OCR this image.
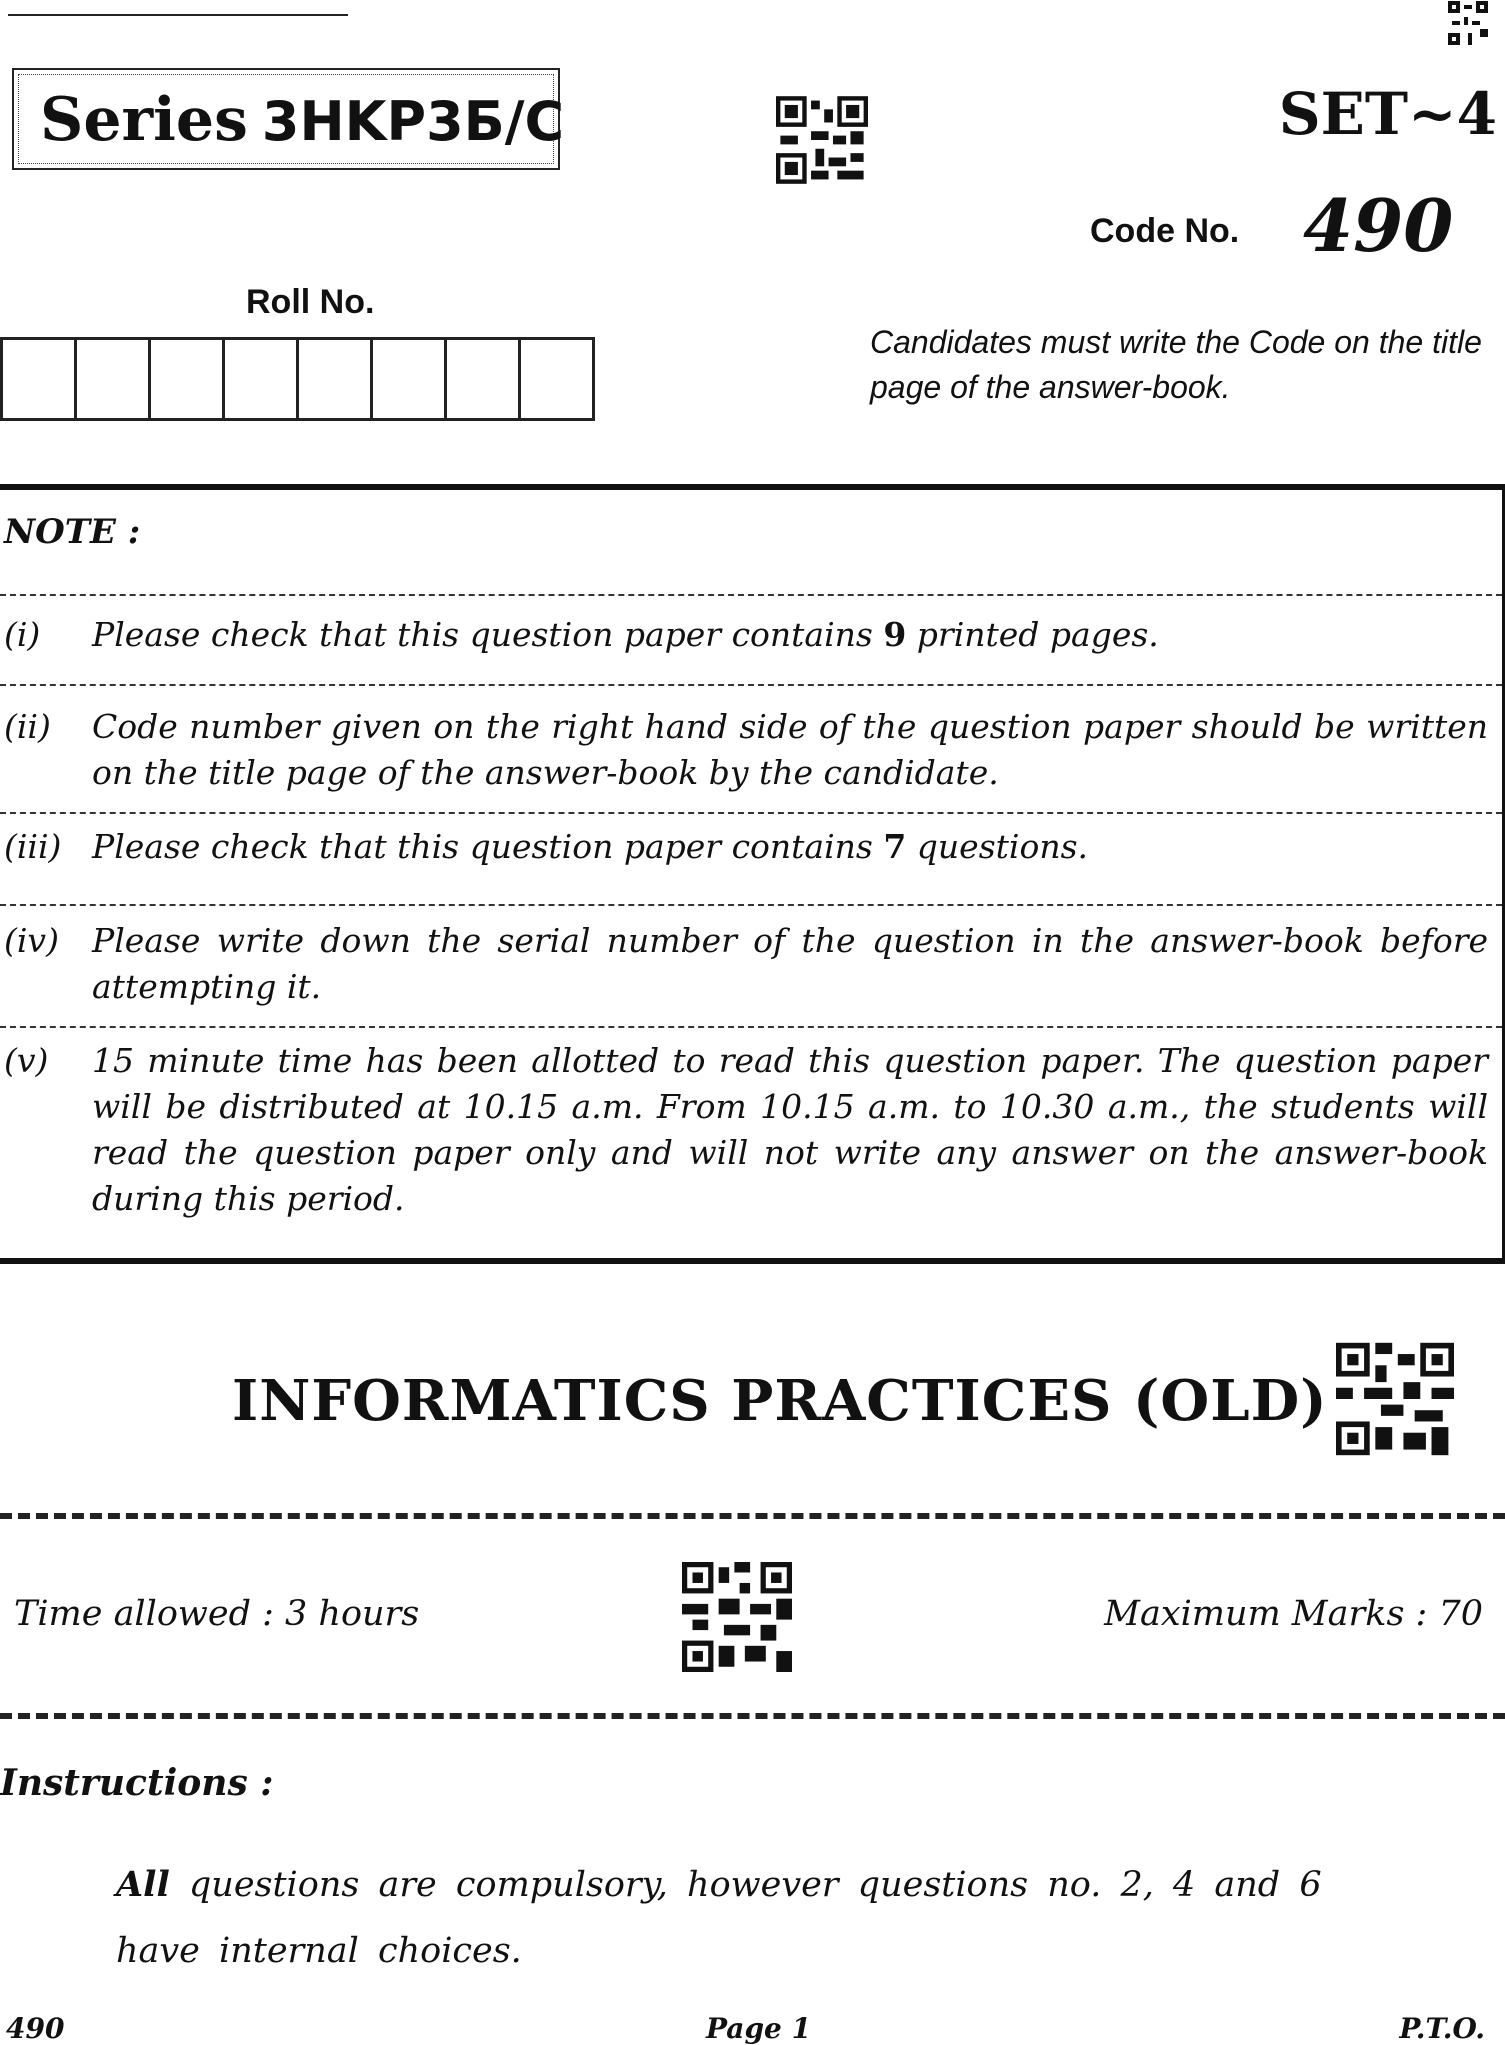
Series 3HKP3Б/C	SET~4
Code No. 490
Roll No.
Candidates must write the Code on the title page of the answer-book.
NOTE :
(i) Please check that this question paper contains 9 printed pages.
(ii) Code number given on the right hand side of the question paper should be written on the title page of the answer-book by the candidate.
(iii) Please check that this question paper contains 7 questions.
(iv) Please write down the serial number of the question in the answer-book before attempting it.
(v) 15 minute time has been allotted to read this question paper. The question paper will be distributed at 10.15 a.m. From 10.15 a.m. to 10.30 a.m., the students will read the question paper only and will not write any answer on the answer-book during this period.
INFORMATICS PRACTICES (OLD)
Time allowed : 3 hours	Maximum Marks : 70
Instructions :
All questions are compulsory, however questions no. 2, 4 and 6 have internal choices.
490	Page 1	P.T.O.
